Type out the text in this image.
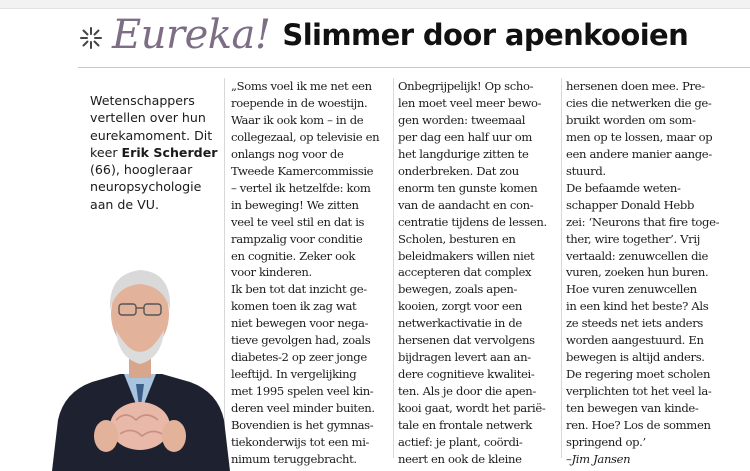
Eureka! Slimmer door apenkooien
Wetenschappers vertellen over hun eurekamoment. Dit keer Erik Scherder (66), hoogleraar neuropsychologie aan de VU.
„Soms voel ik me net een
roepende in de woestijn.
Waar ik ook kom – in de
collegezaal, op televisie en
onlangs nog voor de
Tweede Kamercommissie
– vertel ik hetzelfde: kom
in beweging! We zitten
veel te veel stil en dat is
rampzalig voor conditie
en cognitie. Zeker ook
voor kinderen.
Ik ben tot dat inzicht ge-
komen toen ik zag wat
niet bewegen voor nega-
tieve gevolgen had, zoals
diabetes-2 op zeer jonge
leeftijd. In vergelijking
met 1995 spelen veel kin-
deren veel minder buiten.
Bovendien is het gymnas-
tiekonderwijs tot een mi-
nimum teruggebracht.
Onbegrijpelijk! Op scho-
len moet veel meer bewo-
gen worden: tweemaal
per dag een half uur om
het langdurige zitten te
onderbreken. Dat zou
enorm ten gunste komen
van de aandacht en con-
centratie tijdens de lessen.
Scholen, besturen en
beleidmakers willen niet
accepteren dat complex
bewegen, zoals apen-
kooien, zorgt voor een
netwerkactivatie in de
hersenen dat vervolgens
bijdragen levert aan an-
dere cognitieve kwalitei-
ten. Als je door die apen-
kooi gaat, wordt het pariё-
tale en frontale netwerk
actief: je plant, coördi-
neert en ook de kleine
hersenen doen mee. Pre-
cies die netwerken die ge-
bruikt worden om som-
men op te lossen, maar op
een andere manier aange-
stuurd.
De befaamde weten-
schapper Donald Hebb
zei: ‘Neurons that fire toge-
ther, wire together’. Vrij
vertaald: zenuwcellen die
vuren, zoeken hun buren.
Hoe vuren zenuwcellen
in een kind het beste? Als
ze steeds net iets anders
worden aangestuurd. En
bewegen is altijd anders.
De regering moet scholen
verplichten tot het veel la-
ten bewegen van kinde-
ren. Hoe? Los de sommen
springend op.’
–Jim Jansen
